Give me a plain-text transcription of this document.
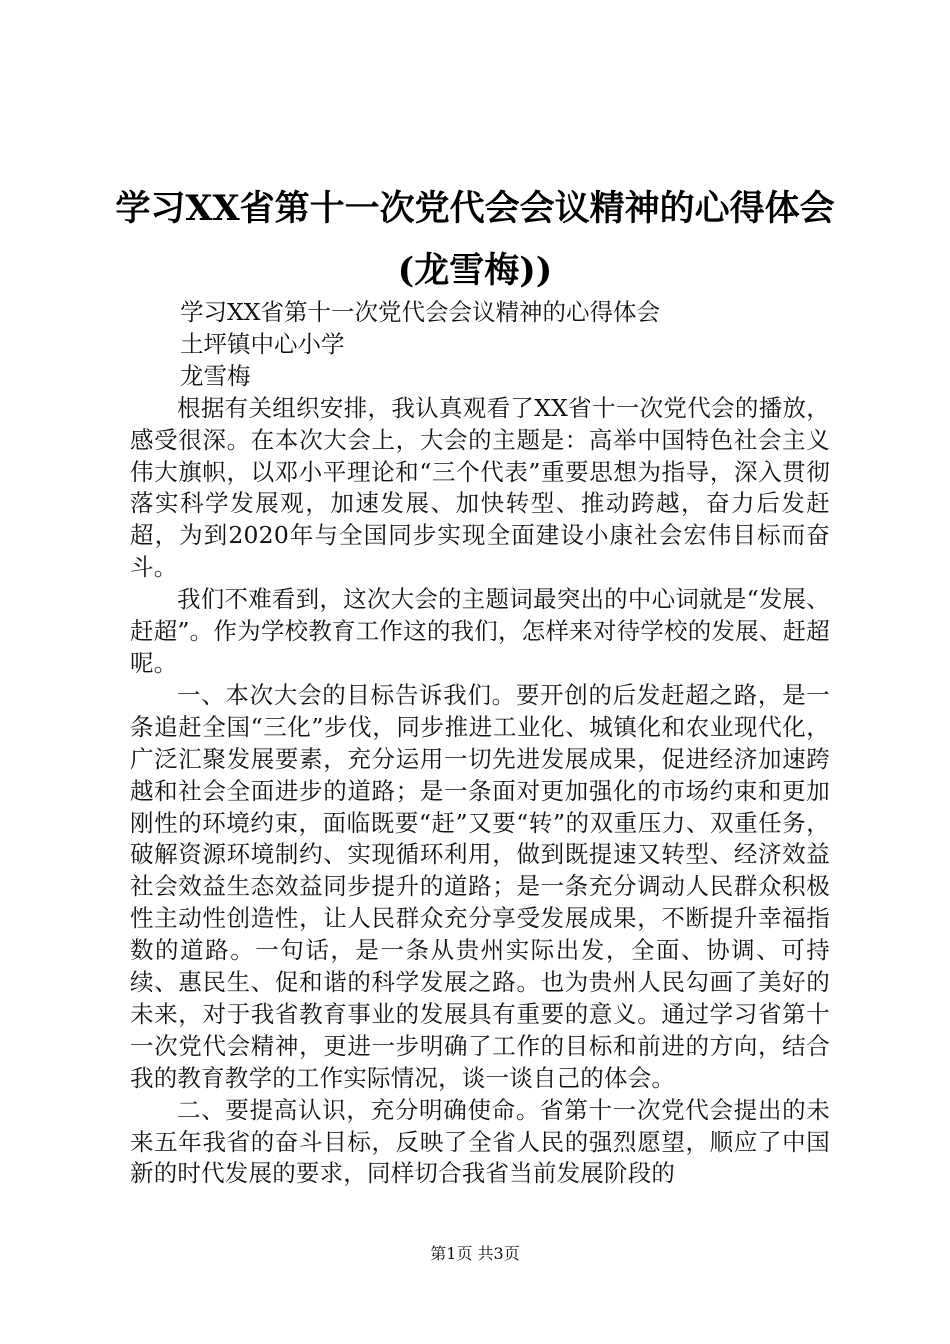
学习XX省第十一次党代会会议精神的心得体会(龙雪梅))

学习XX省第十一次党代会会议精神的心得体会

土坪镇中心小学

龙雪梅

根据有关组织安排，我认真观看了XX省十一次党代会的播放，感受很深。在本次大会上，大会的主题是：高举中国特色社会主义伟大旗帜，以邓小平理论和“三个代表”重要思想为指导，深入贯彻落实科学发展观，加速发展、加快转型、推动跨越，奋力后发赶超，为到2020年与全国同步实现全面建设小康社会宏伟目标而奋斗。

我们不难看到，这次大会的主题词最突出的中心词就是“发展、赶超”。作为学校教育工作这的我们，怎样来对待学校的发展、赶超呢。

一、本次大会的目标告诉我们。要开创的后发赶超之路，是一条追赶全国“三化”步伐，同步推进工业化、城镇化和农业现代化，广泛汇聚发展要素，充分运用一切先进发展成果，促进经济加速跨越和社会全面进步的道路；是一条面对更加强化的市场约束和更加刚性的环境约束，面临既要“赶”又要“转”的双重压力、双重任务，破解资源环境制约、实现循环利用，做到既提速又转型、经济效益社会效益生态效益同步提升的道路；是一条充分调动人民群众积极性主动性创造性，让人民群众充分享受发展成果，不断提升幸福指数的道路。一句话，是一条从贵州实际出发，全面、协调、可持续、惠民生、促和谐的科学发展之路。也为贵州人民勾画了美好的未来，对于我省教育事业的发展具有重要的意义。通过学习省第十一次党代会精神，更进一步明确了工作的目标和前进的方向，结合我的教育教学的工作实际情况，谈一谈自己的体会。

二、要提高认识，充分明确使命。省第十一次党代会提出的未来五年我省的奋斗目标，反映了全省人民的强烈愿望，顺应了中国新的时代发展的要求，同样切合我省当前发展阶段的

第1页 共3页
